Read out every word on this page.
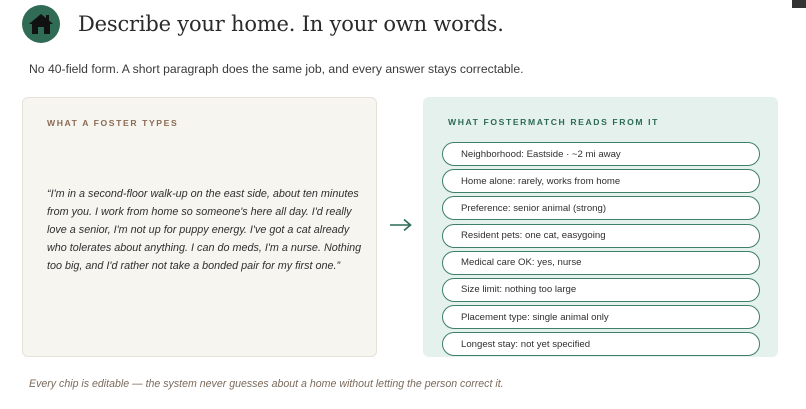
Describe your home. In your own words.

No 40-field form. A short paragraph does the same job, and every answer stays correctable.

WHAT A FOSTER TYPES

“I'm in a second-floor walk-up on the east side, about ten minutes from you. I work from home so someone's here all day. I'd really love a senior, I'm not up for puppy energy. I've got a cat already who tolerates about anything. I can do meds, I'm a nurse. Nothing too big, and I'd rather not take a bonded pair for my first one.”

WHAT FOSTERMATCH READS FROM IT
Neighborhood: Eastside · ~2 mi away
Home alone: rarely, works from home
Preference: senior animal (strong)
Resident pets: one cat, easygoing
Medical care OK: yes, nurse
Size limit: nothing too large
Placement type: single animal only
Longest stay: not yet specified

Every chip is editable — the system never guesses about a home without letting the person correct it.
